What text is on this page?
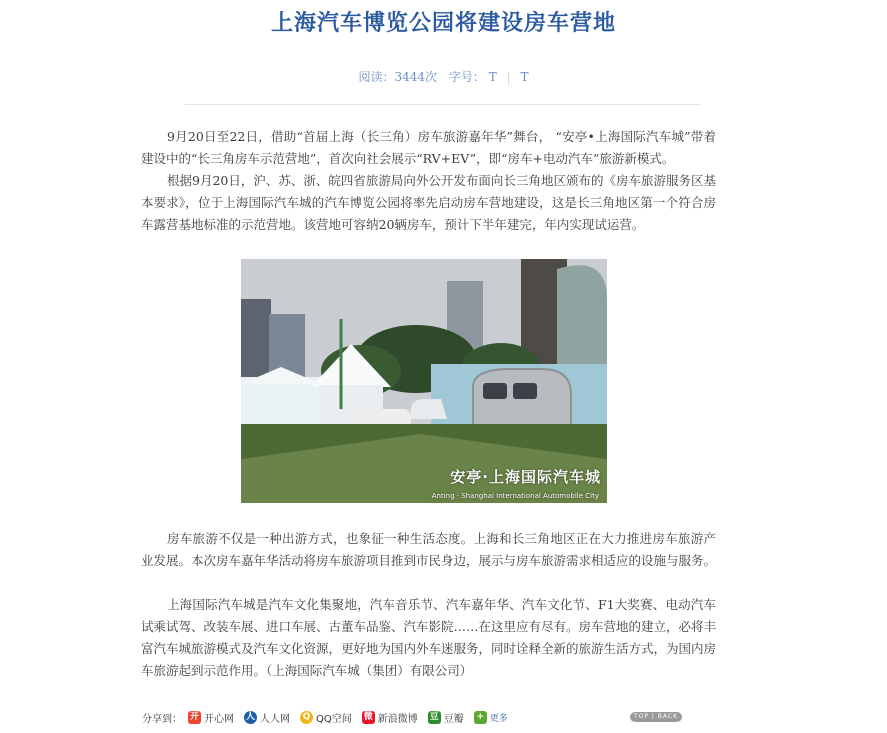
上海汽车博览公园将建设房车营地
阅读：3444次 字号： T | T

9月20日至22日，借助“首届上海（长三角）房车旅游嘉年华”舞台， “安亭•上海国际汽车城”带着建设中的“长三角房车示范营地”，首次向社会展示“RV+EV”，即“房车+电动汽车”旅游新模式。

根据9月20日，沪、苏、浙、皖四省旅游局向外公开发布面向长三角地区颁布的《房车旅游服务区基本要求》，位于上海国际汽车城的汽车博览公园将率先启动房车营地建设，这是长三角地区第一个符合房车露营基地标准的示范营地。该营地可容纳20辆房车，预计下半年建完，年内实现试运营。

安亭·上海国际汽车城
Anting · Shanghai International Automobile City

房车旅游不仅是一种出游方式，也象征一种生活态度。上海和长三角地区正在大力推进房车旅游产业发展。本次房车嘉年华活动将房车旅游项目推到市民身边，展示与房车旅游需求相适应的设施与服务。

上海国际汽车城是汽车文化集聚地，汽车音乐节、汽车嘉年华、汽车文化节、F1大奖赛、电动汽车试乘试驾、改装车展、进口车展、古董车品鉴、汽车影院……在这里应有尽有。房车营地的建立，必将丰富汽车城旅游模式及汽车文化资源，更好地为国内外车迷服务，同时诠释全新的旅游生活方式，为国内房车旅游起到示范作用。（上海国际汽车城（集团）有限公司）

分享到： 开 开心网 人 人人网 Q QQ空间 微 新浪微博 豆 豆瓣	+ 更多	TOP | BACK
